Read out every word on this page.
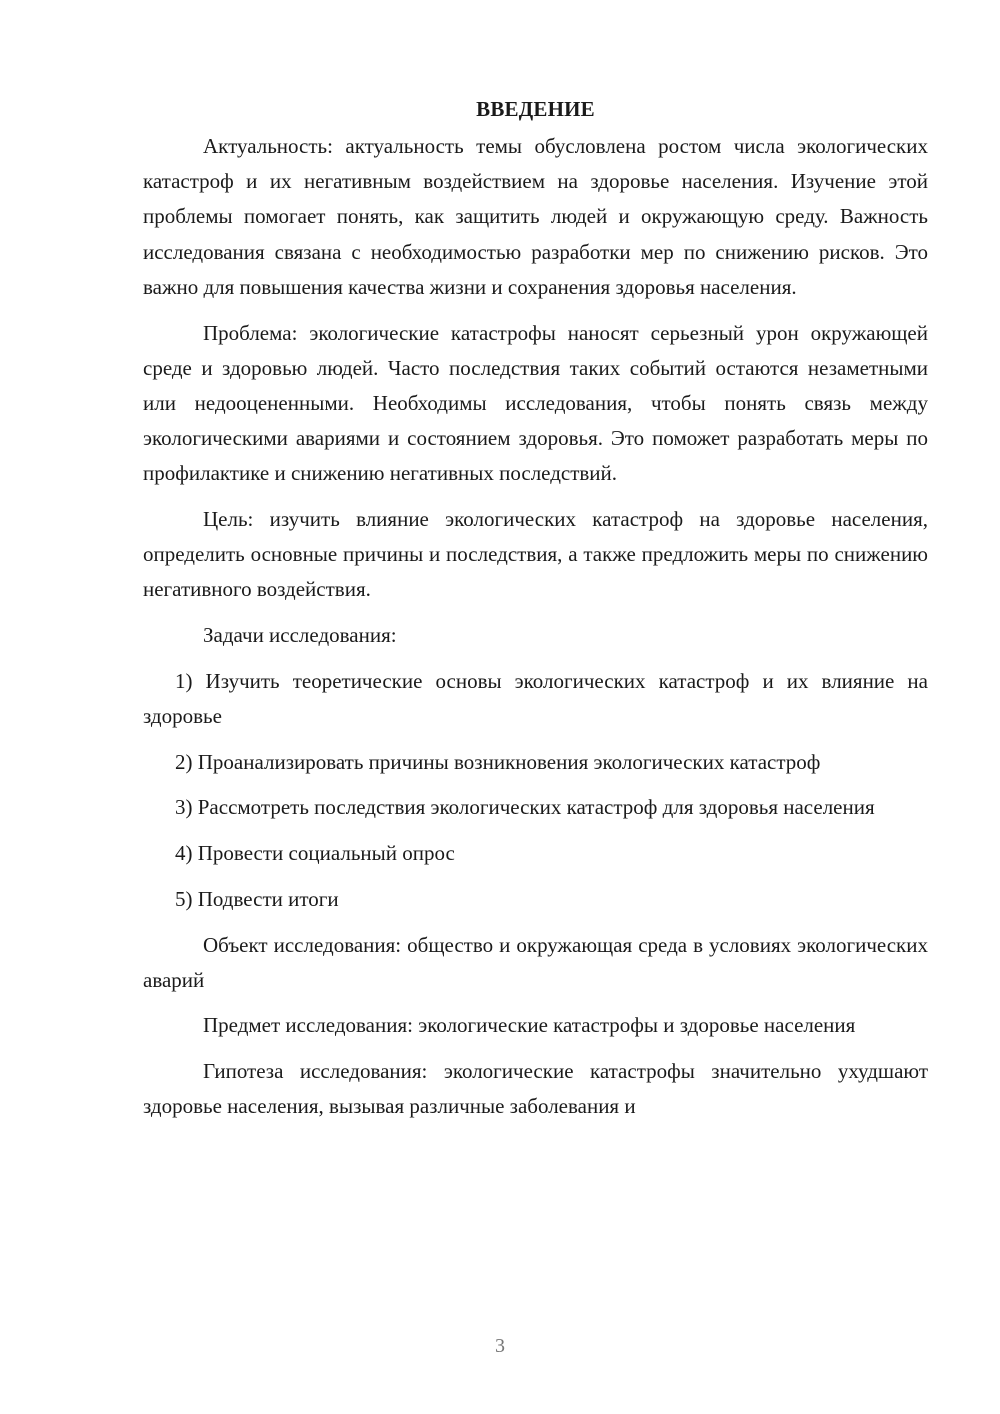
ВВЕДЕНИЕ

Актуальность: актуальность темы обусловлена ростом числа экологических катастроф и их негативным воздействием на здоровье населения. Изучение этой проблемы помогает понять, как защитить людей и окружающую среду. Важность исследования связана с необходимостью разработки мер по снижению рисков. Это важно для повышения качества жизни и сохранения здоровья населения.

Проблема: экологические катастрофы наносят серьезный урон окружающей среде и здоровью людей. Часто последствия таких событий остаются незаметными или недооцененными. Необходимы исследования, чтобы понять связь между экологическими авариями и состоянием здоровья. Это поможет разработать меры по профилактике и снижению негативных последствий.

Цель: изучить влияние экологических катастроф на здоровье населения, определить основные причины и последствия, а также предложить меры по снижению негативного воздействия.

Задачи исследования:

1) Изучить теоретические основы экологических катастроф и их влияние на здоровье

2) Проанализировать причины возникновения экологических катастроф

3) Рассмотреть последствия экологических катастроф для здоровья населения

4) Провести социальный опрос

5) Подвести итоги

Объект исследования: общество и окружающая среда в условиях экологических аварий

Предмет исследования: экологические катастрофы и здоровье населения

Гипотеза исследования: экологические катастрофы значительно ухудшают здоровье населения, вызывая различные заболевания и

3
